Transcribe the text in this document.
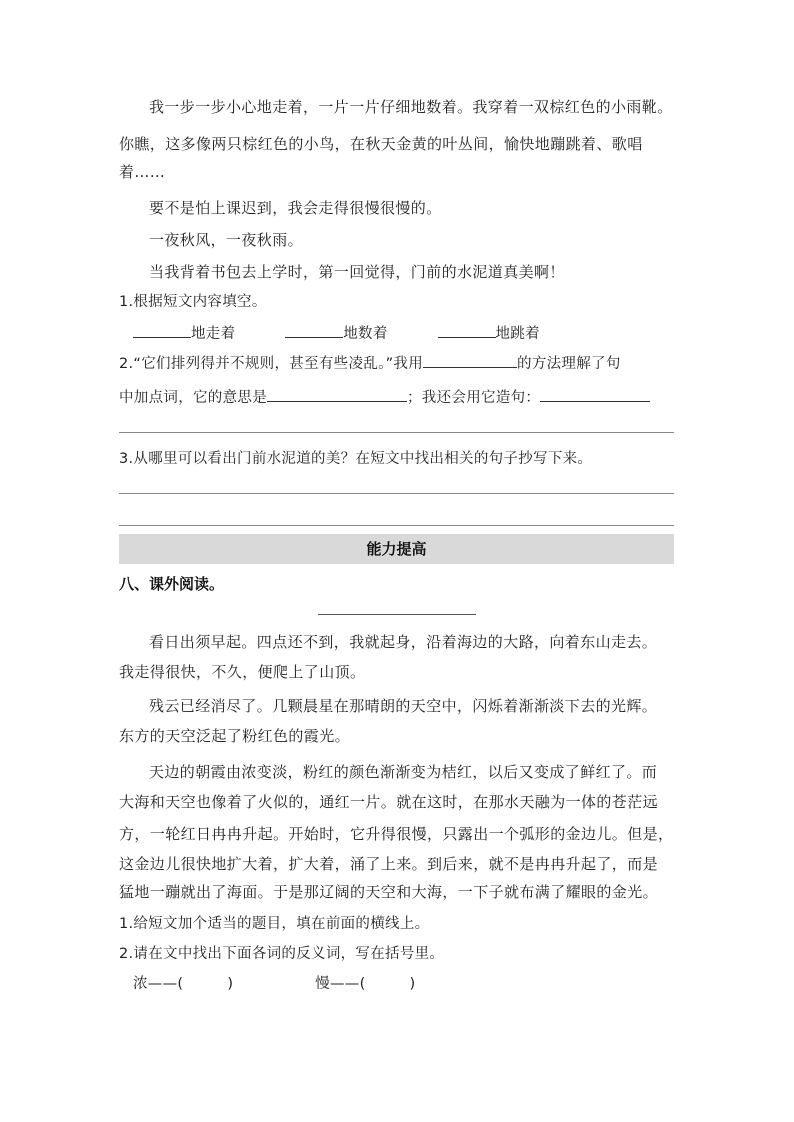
我一步一步小心地走着，一片一片仔细地数着。我穿着一双棕红色的小雨靴。
你瞧，这多像两只棕红色的小鸟，在秋天金黄的叶丛间，愉快地蹦跳着、歌唱
着……
要不是怕上课迟到，我会走得很慢很慢的。
一夜秋风，一夜秋雨。
当我背着书包去上学时，第一回觉得，门前的水泥道真美啊！
1.根据短文内容填空。
地走着	地数着	地跳着
2.“它们排列得并不规则，甚至有些凌乱。”我用	的方法理解了句
中加点词，它的意思是	；我还会用它造句：
3.从哪里可以看出门前水泥道的美？在短文中找出相关的句子抄写下来。
能力提高
八、课外阅读。
看日出须早起。四点还不到，我就起身，沿着海边的大路，向着东山走去。
我走得很快，不久，便爬上了山顶。
残云已经消尽了。几颗晨星在那晴朗的天空中，闪烁着渐渐淡下去的光辉。
东方的天空泛起了粉红色的霞光。
天边的朝霞由浓变淡，粉红的颜色渐渐变为桔红，以后又变成了鲜红了。而
大海和天空也像着了火似的，通红一片。就在这时，在那水天融为一体的苍茫远
方，一轮红日冉冉升起。开始时，它升得很慢，只露出一个弧形的金边儿。但是，
这金边儿很快地扩大着，扩大着，涌了上来。到后来，就不是冉冉升起了，而是
猛地一蹦就出了海面。于是那辽阔的天空和大海，一下子就布满了耀眼的金光。
1.给短文加个适当的题目，填在前面的横线上。
2.请在文中找出下面各词的反义词，写在括号里。
浓——(	)	慢——(	)
